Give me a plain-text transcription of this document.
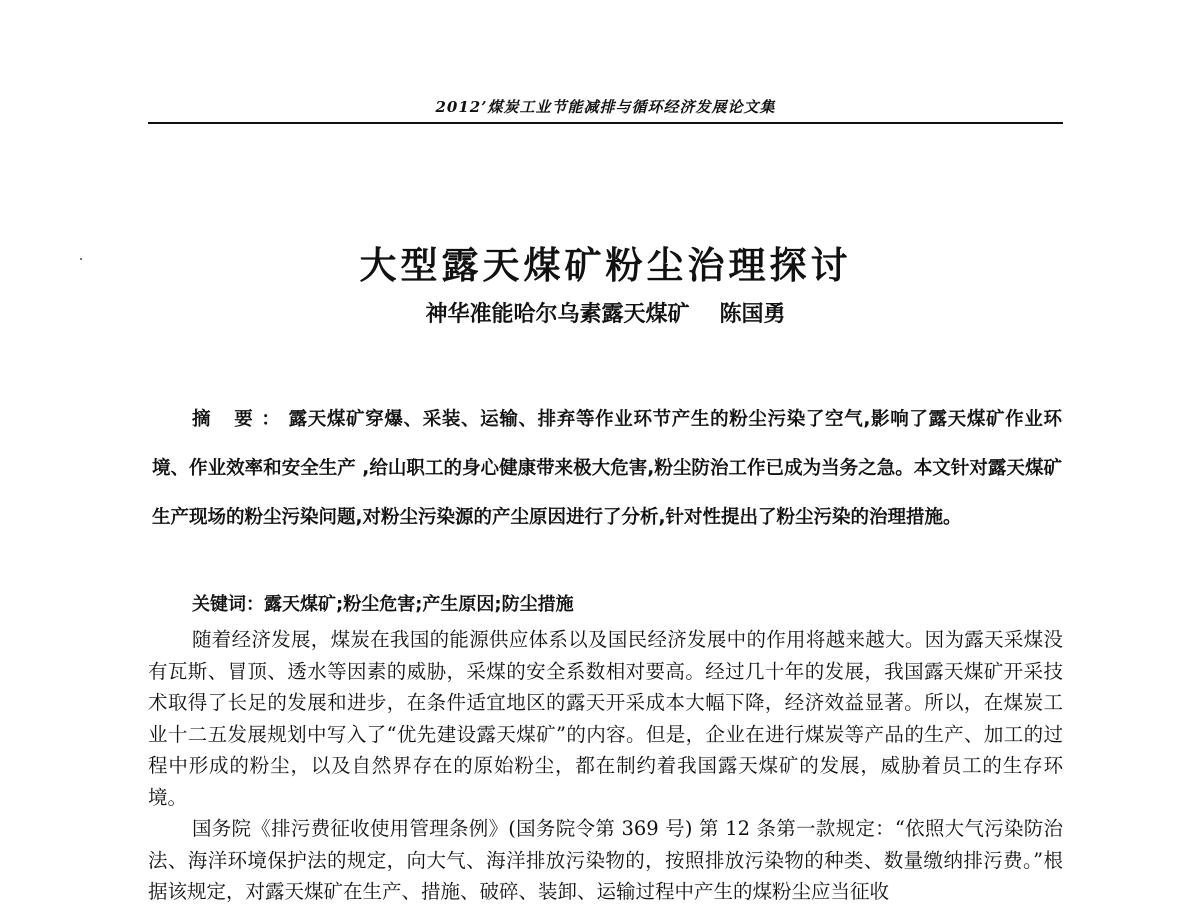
2012’煤炭工业节能减排与循环经济发展论文集
大型露天煤矿粉尘治理探讨
神华准能哈尔乌素露天煤矿 陈国勇

摘 要：露天煤矿穿爆、采装、运输、排弃等作业环节产生的粉尘污染了空气,影响了露天煤矿作业环境、作业效率和安全生产 ,给山职工的身心健康带来极大危害,粉尘防治工作已成为当务之急。本文针对露天煤矿生产现场的粉尘污染问题,对粉尘污染源的产尘原因进行了分析,针对性提出了粉尘污染的治理措施。

关键词：露天煤矿;粉尘危害;产生原因;防尘措施

随着经济发展，煤炭在我国的能源供应体系以及国民经济发展中的作用将越来越大。因为露天采煤没有瓦斯、冒顶、透水等因素的威胁，采煤的安全系数相对要高。经过几十年的发展，我国露天煤矿开采技术取得了长足的发展和进步，在条件适宜地区的露天开采成本大幅下降，经济效益显著。所以，在煤炭工业十二五发展规划中写入了“优先建设露天煤矿”的内容。但是，企业在进行煤炭等产品的生产、加工的过程中形成的粉尘，以及自然界存在的原始粉尘，都在制约着我国露天煤矿的发展，威胁着员工的生存环境。

国务院《排污费征收使用管理条例》(国务院令第 369 号) 第 12 条第一款规定：“依照大气污染防治法、海洋环境保护法的规定，向大气、海洋排放污染物的，按照排放污染物的种类、数量缴纳排污费。”根据该规定，对露天煤矿在生产、措施、破碎、装卸、运输过程中产生的煤粉尘应当征收
